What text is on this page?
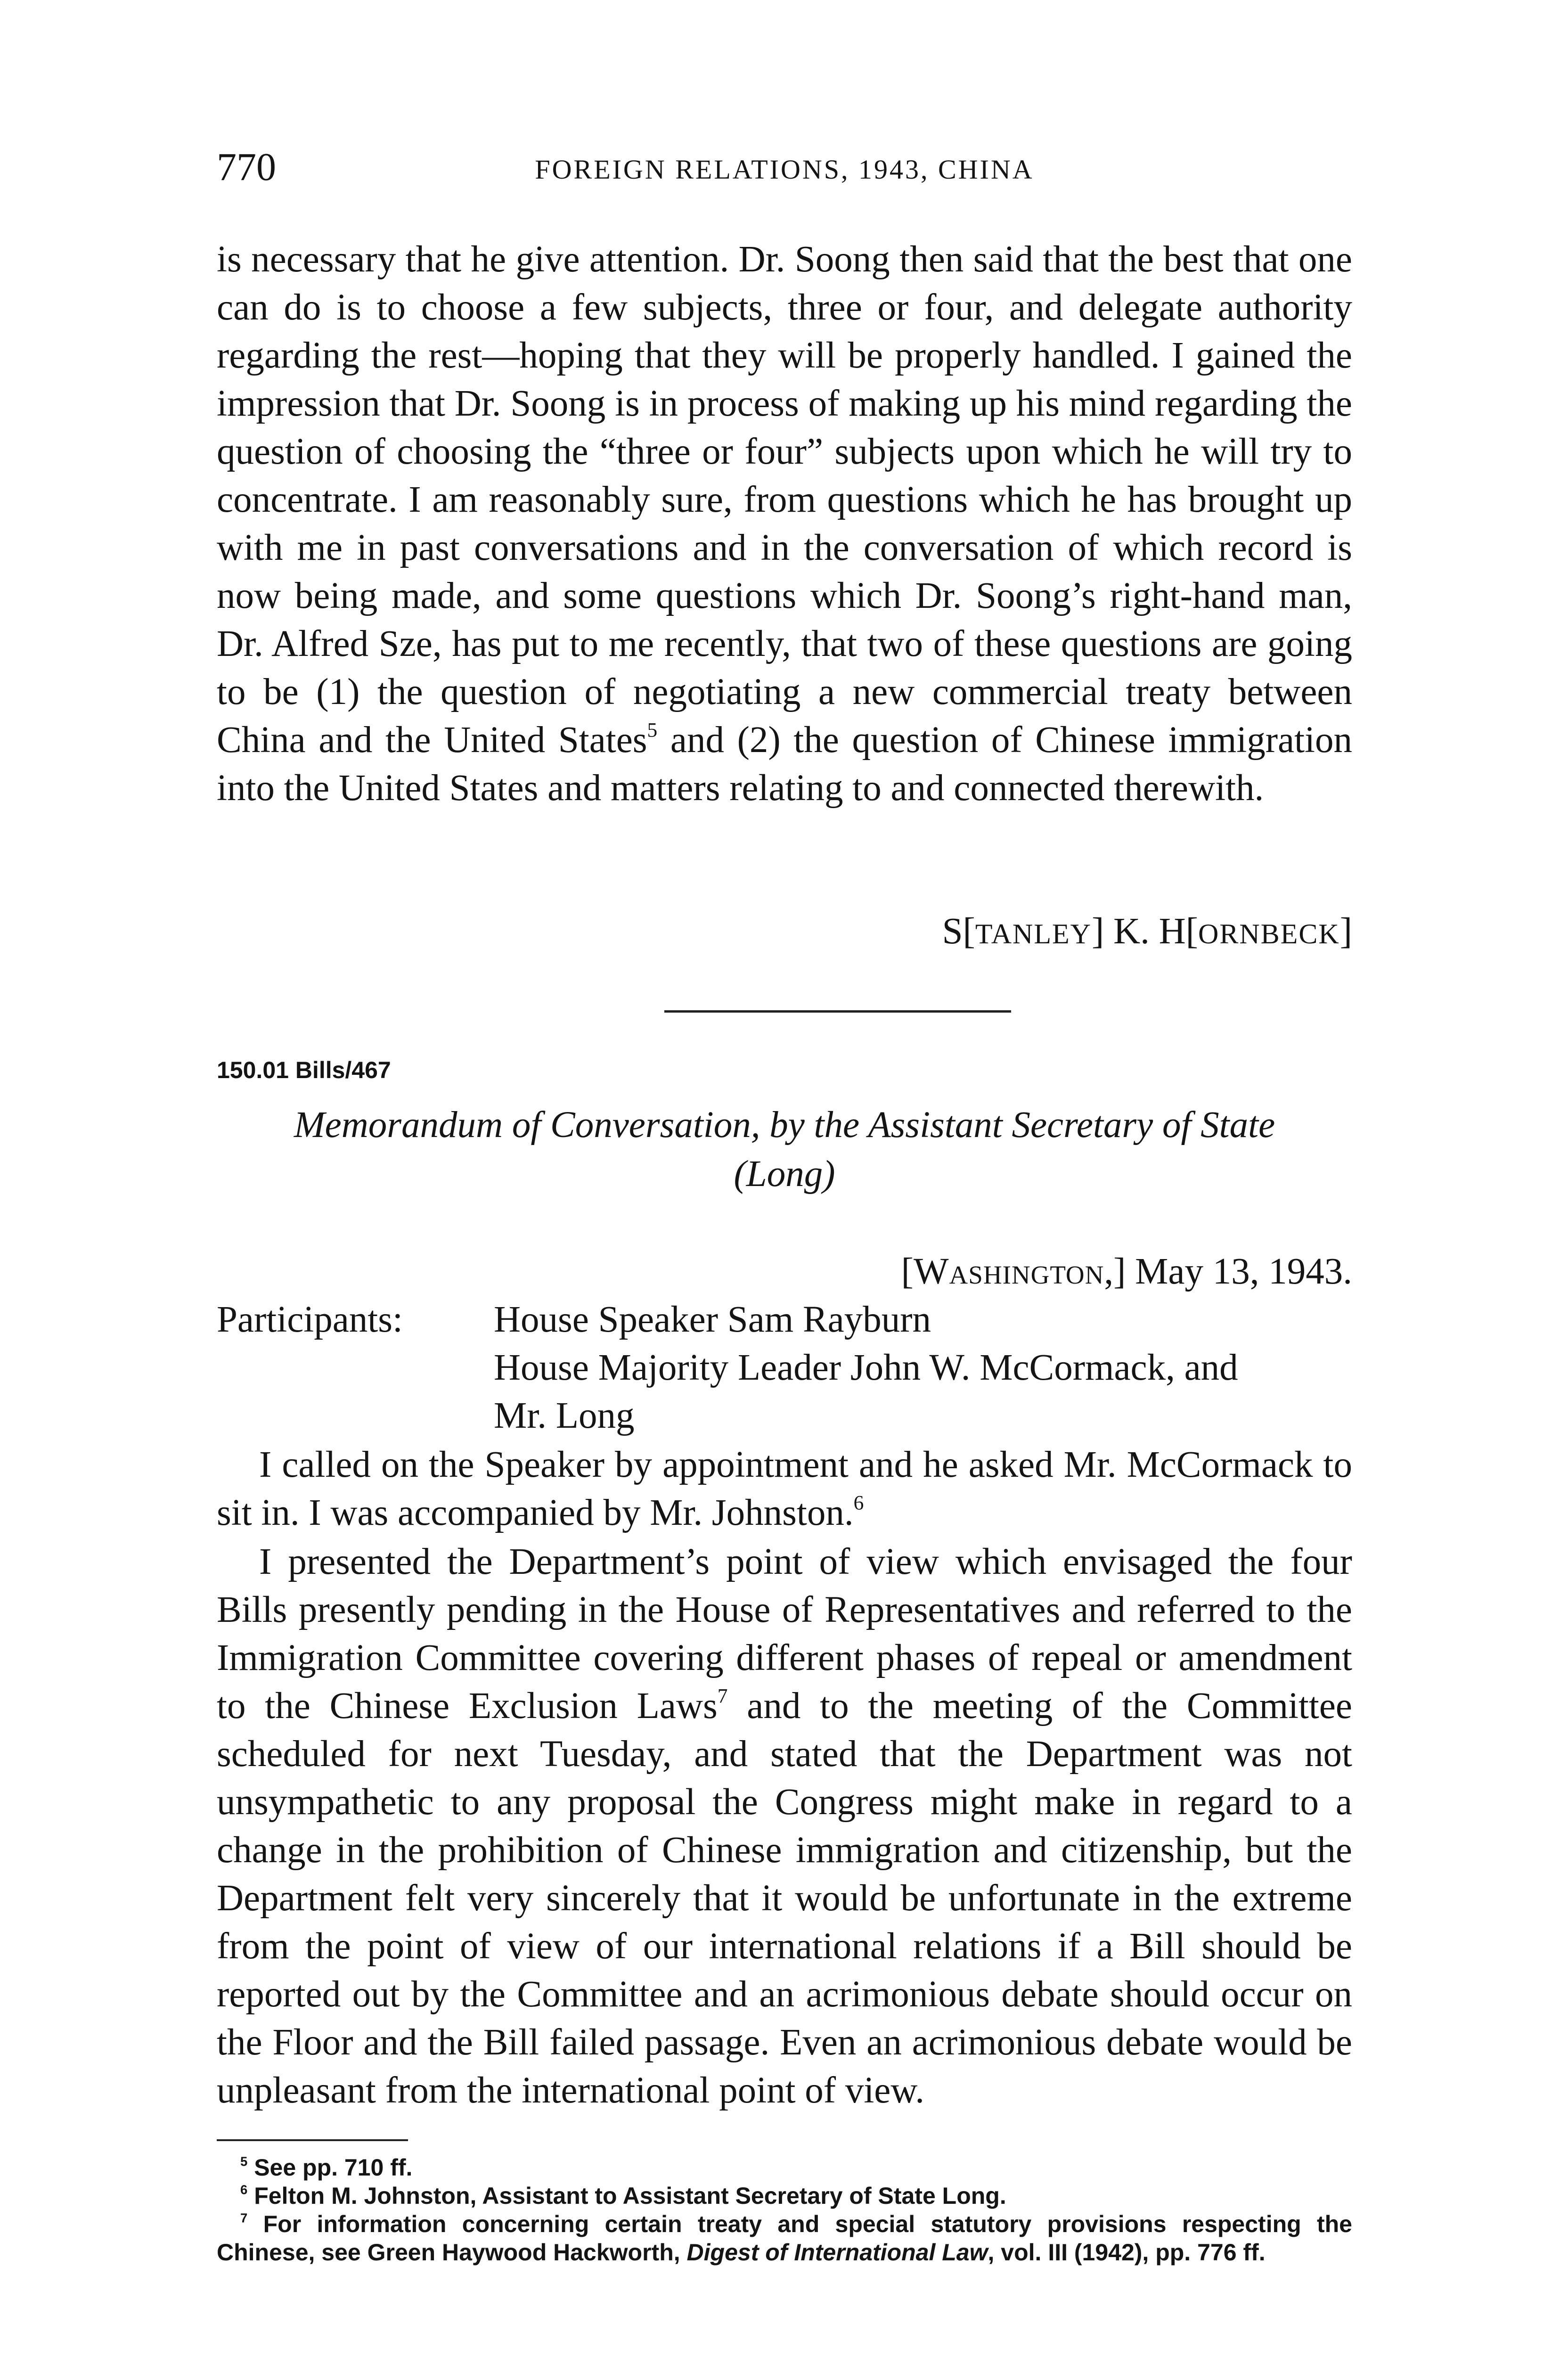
770	FOREIGN RELATIONS, 1943, CHINA

is necessary that he give attention. Dr. Soong then said that the best that one can do is to choose a few subjects, three or four, and delegate authority regarding the rest—hoping that they will be properly handled. I gained the impression that Dr. Soong is in process of making up his mind regarding the question of choosing the “three or four” subjects upon which he will try to concentrate. I am reasonably sure, from questions which he has brought up with me in past conversations and in the conversation of which record is now being made, and some questions which Dr. Soong’s right-hand man, Dr. Alfred Sze, has put to me recently, that two of these questions are going to be (1) the question of negotiating a new commercial treaty between China and the United States$^5$ and (2) the question of Chinese immigration into the United States and matters relating to and connected therewith.

S[TANLEY] K. H[ORNBECK]
150.01 Bills/467
Memorandum of Conversation, by the Assistant Secretary of State
(Long)
[Washington,] May 13, 1943.
Participants: House Speaker Sam Rayburn
House Majority Leader John W. McCormack, and
Mr. Long

I called on the Speaker by appointment and he asked Mr. McCormack to sit in. I was accompanied by Mr. Johnston.$^6$

I presented the Department’s point of view which envisaged the four Bills presently pending in the House of Representatives and referred to the Immigration Committee covering different phases of repeal or amendment to the Chinese Exclusion Laws$^7$ and to the meeting of the Committee scheduled for next Tuesday, and stated that the Department was not unsympathetic to any proposal the Congress might make in regard to a change in the prohibition of Chinese immigration and citizenship, but the Department felt very sincerely that it would be unfortunate in the extreme from the point of view of our international relations if a Bill should be reported out by the Committee and an acrimonious debate should occur on the Floor and the Bill failed passage. Even an acrimonious debate would be unpleasant from the international point of view.

$^5$ See pp. 710 ff.

$^6$ Felton M. Johnston, Assistant to Assistant Secretary of State Long.

$^7$ For information concerning certain treaty and special statutory provisions respecting the Chinese, see Green Haywood Hackworth, Digest of International Law, vol. III (1942), pp. 776 ff.
